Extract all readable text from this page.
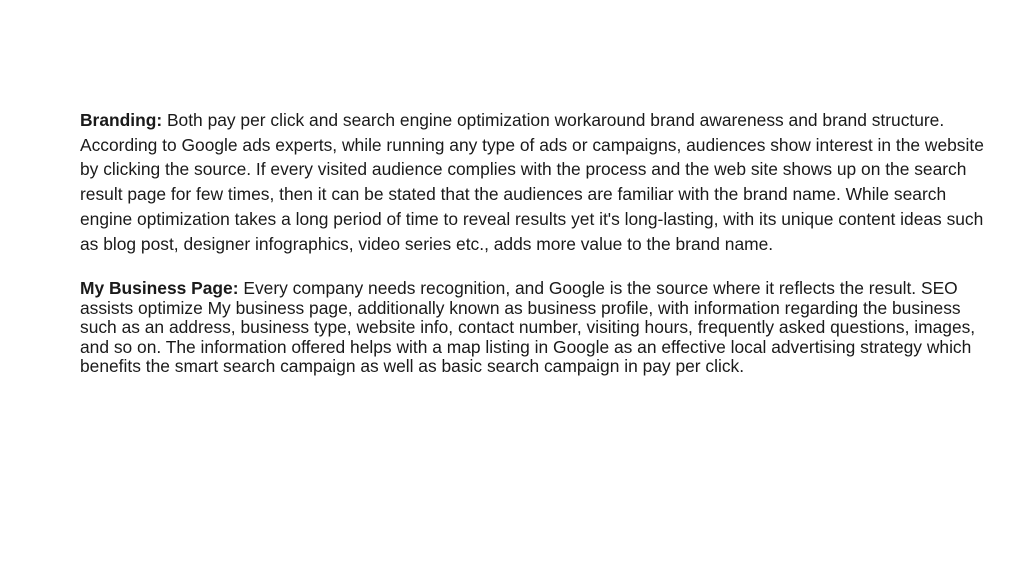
Branding: Both pay per click and search engine optimization workaround brand awareness and brand structure. According to Google ads experts, while running any type of ads or campaigns, audiences show interest in the website by clicking the source. If every visited audience complies with the process and the web site shows up on the search result page for few times, then it can be stated that the audiences are familiar with the brand name. While search engine optimization takes a long period of time to reveal results yet it's long-lasting, with its unique content ideas such as blog post, designer infographics, video series etc., adds more value to the brand name.

My Business Page: Every company needs recognition, and Google is the source where it reflects the result. SEO assists optimize My business page, additionally known as business profile, with information regarding the business such as an address, business type, website info, contact number, visiting hours, frequently asked questions, images, and so on. The information offered helps with a map listing in Google as an effective local advertising strategy which benefits the smart search campaign as well as basic search campaign in pay per click.
